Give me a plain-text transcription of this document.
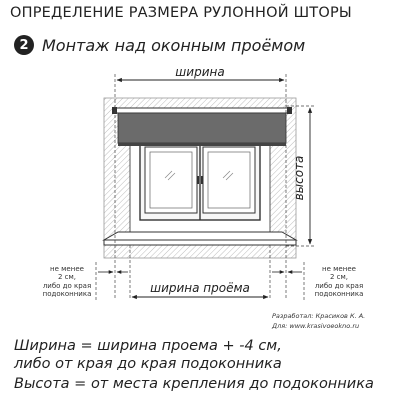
ОПРЕДЕЛЕНИЕ РАЗМЕРА РУЛОННОЙ ШТОРЫ
2 Монтаж над оконным проёмом
ширина
высота
ширина проёма
не менее
2 см,
либо до края
подоконника
не менее
2 см,
либо до края
подоконника
Разработал: Красиков К. А.
Для: www.krasivoeokno.ru
Ширина = ширина проема + -4 см,
либо от края до края подоконника
Высота = от места крепления до подоконника
